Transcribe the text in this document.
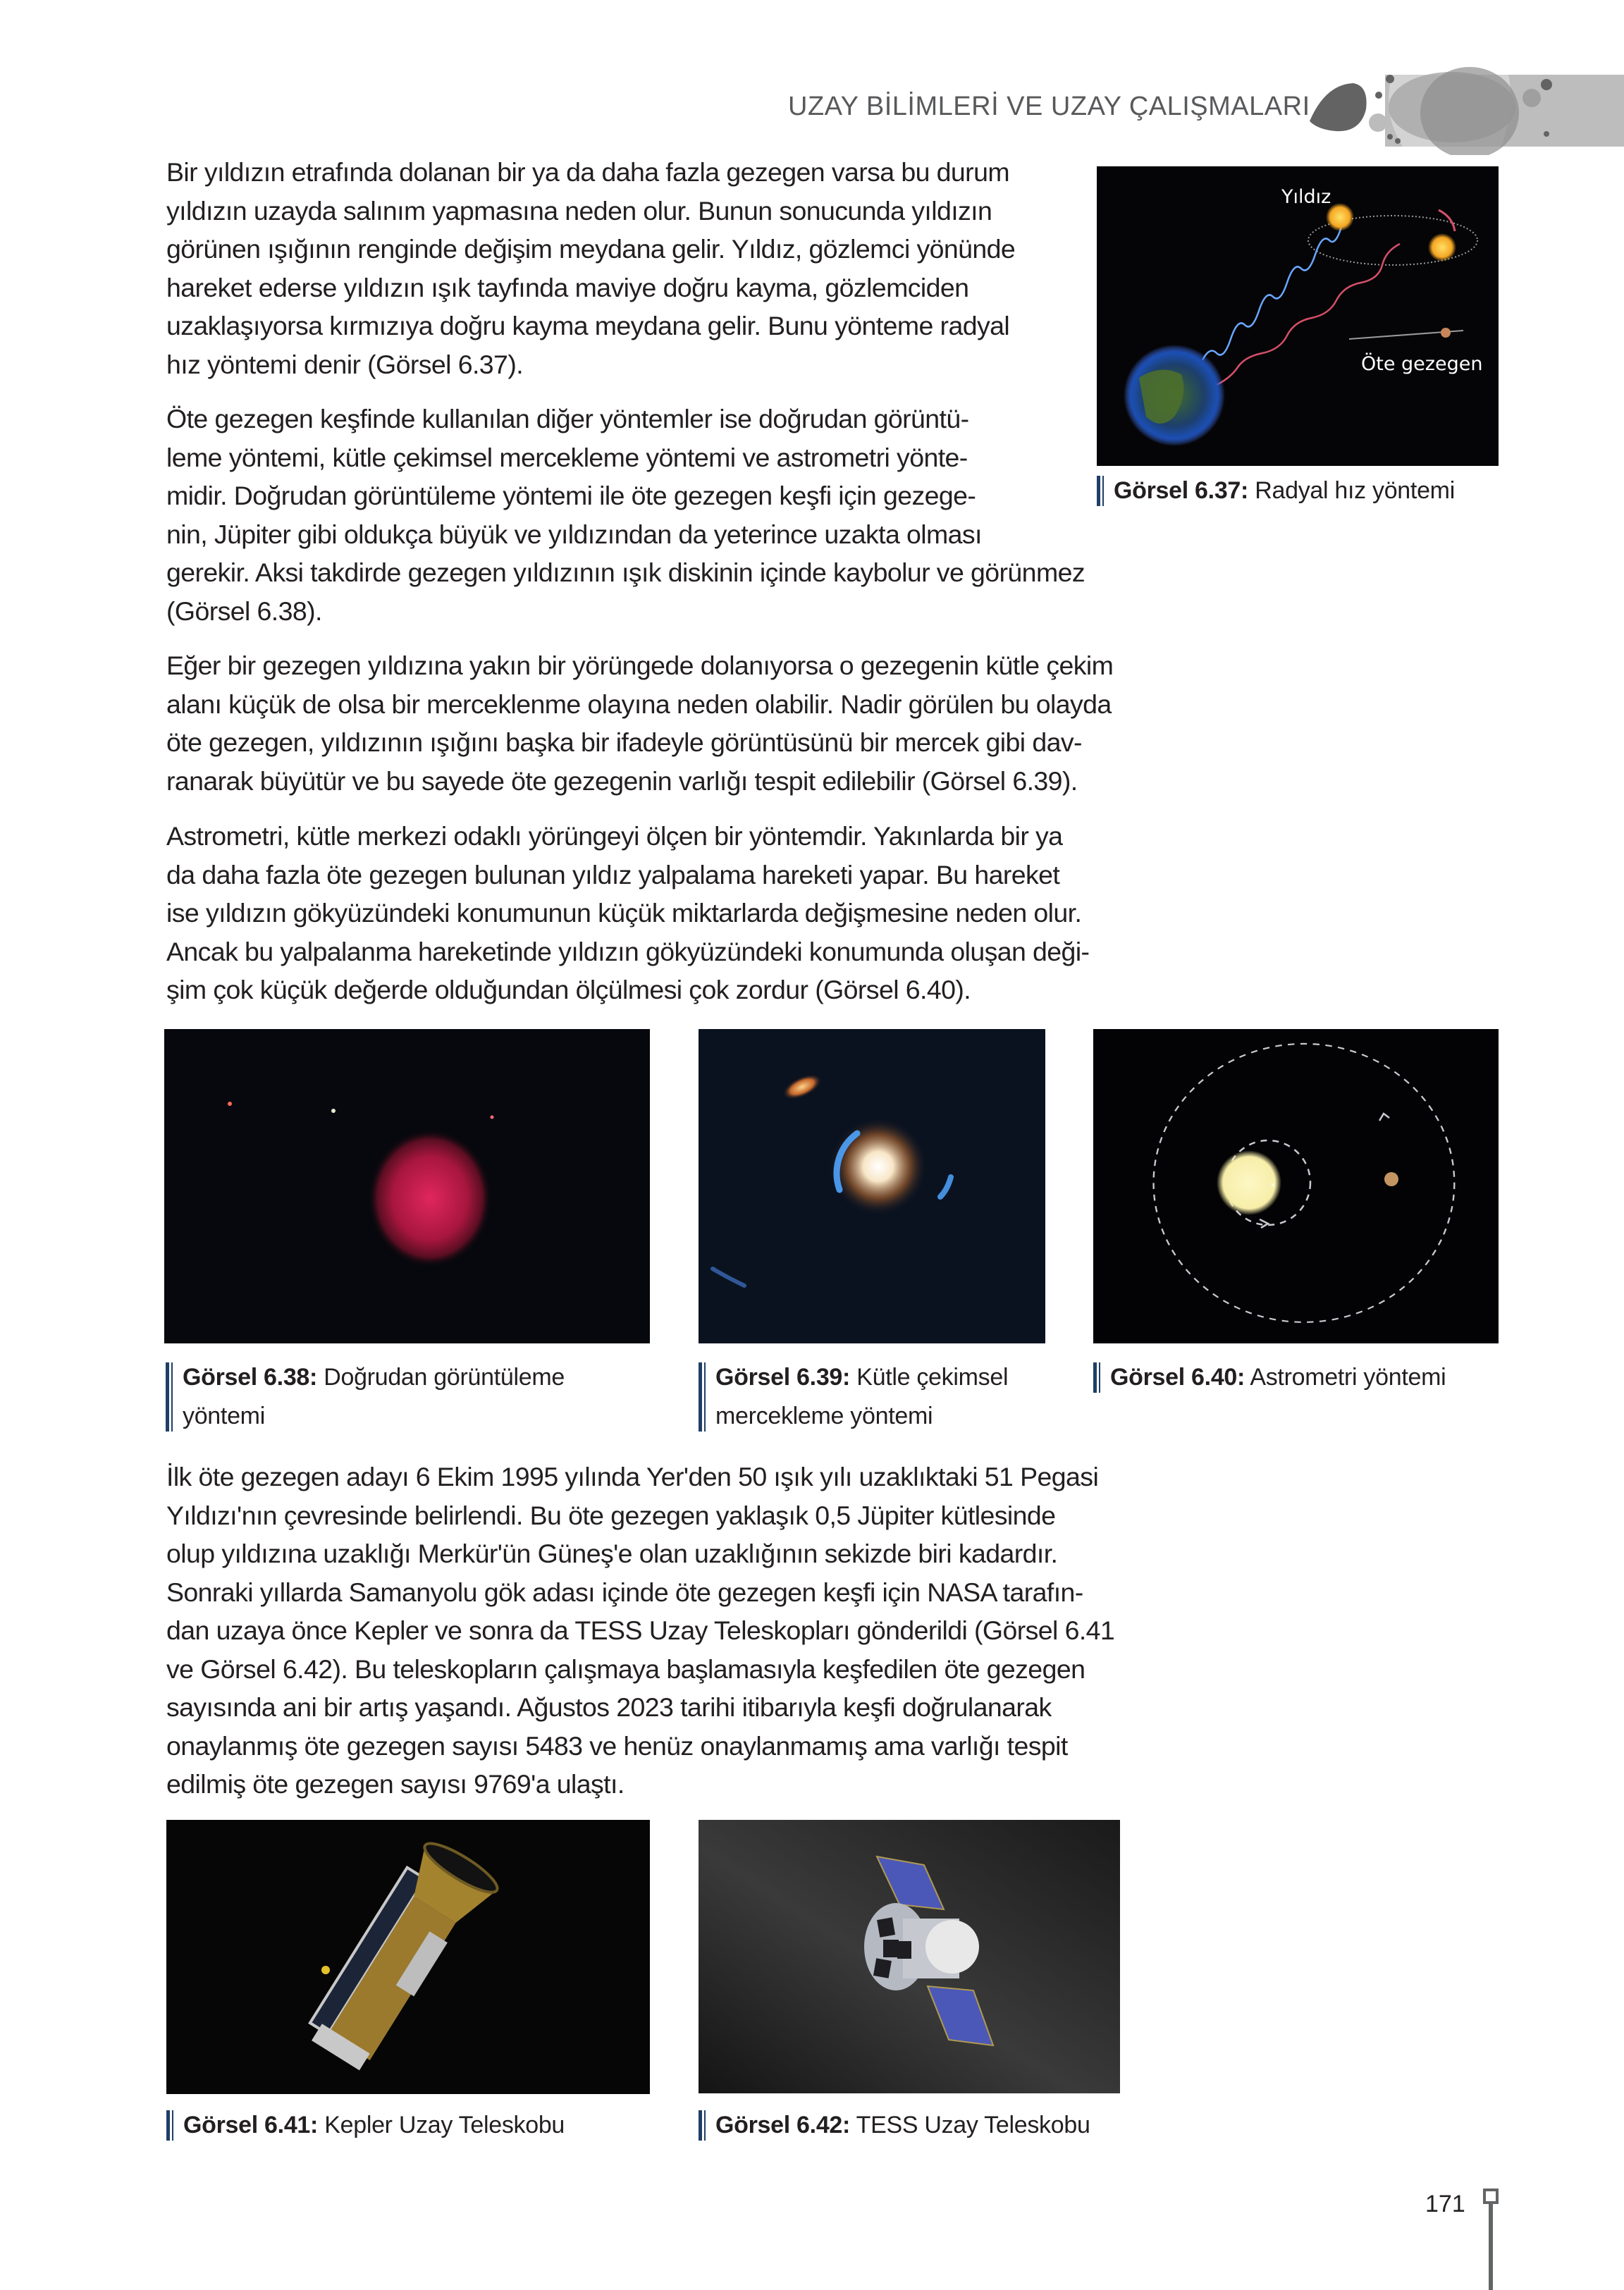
UZAY BİLİMLERİ VE UZAY ÇALIŞMALARI
Bir yıldızın etrafında dolanan bir ya da daha fazla gezegen varsa bu durum
yıldızın uzayda salınım yapmasına neden olur. Bunun sonucunda yıldızın
görünen ışığının renginde değişim meydana gelir. Yıldız, gözlemci yönünde
hareket ederse yıldızın ışık tayfında maviye doğru kayma, gözlemciden
uzaklaşıyorsa kırmızıya doğru kayma meydana gelir. Bunu yönteme radyal
hız yöntemi denir (Görsel 6.37).
Yıldız
Öte gezegen
Görsel 6.37: Radyal hız yöntemi
Öte gezegen keşfinde kullanılan diğer yöntemler ise doğrudan görüntü-
leme yöntemi, kütle çekimsel mercekleme yöntemi ve astrometri yönte-
midir. Doğrudan görüntüleme yöntemi ile öte gezegen keşfi için gezege-
nin, Jüpiter gibi oldukça büyük ve yıldızından da yeterince uzakta olması
gerekir. Aksi takdirde gezegen yıldızının ışık diskinin içinde kaybolur ve görünmez
(Görsel 6.38).
Eğer bir gezegen yıldızına yakın bir yörüngede dolanıyorsa o gezegenin kütle çekim
alanı küçük de olsa bir merceklenme olayına neden olabilir. Nadir görülen bu olayda
öte gezegen, yıldızının ışığını başka bir ifadeyle görüntüsünü bir mercek gibi dav-
ranarak büyütür ve bu sayede öte gezegenin varlığı tespit edilebilir (Görsel 6.39).
Astrometri, kütle merkezi odaklı yörüngeyi ölçen bir yöntemdir. Yakınlarda bir ya
da daha fazla öte gezegen bulunan yıldız yalpalama hareketi yapar. Bu hareket
ise yıldızın gökyüzündeki konumunun küçük miktarlarda değişmesine neden olur.
Ancak bu yalpalanma hareketinde yıldızın gökyüzündeki konumunda oluşan deği-
şim çok küçük değerde olduğundan ölçülmesi çok zordur (Görsel 6.40).
Görsel 6.38: Doğrudan görüntüleme
yöntemi
Görsel 6.39: Kütle çekimsel
mercekleme yöntemi
x
Görsel 6.40: Astrometri yöntemi
İlk öte gezegen adayı 6 Ekim 1995 yılında Yer'den 50 ışık yılı uzaklıktaki 51 Pegasi
Yıldızı'nın çevresinde belirlendi. Bu öte gezegen yaklaşık 0,5 Jüpiter kütlesinde
olup yıldızına uzaklığı Merkür'ün Güneş'e olan uzaklığının sekizde biri kadardır.
Sonraki yıllarda Samanyolu gök adası içinde öte gezegen keşfi için NASA tarafın-
dan uzaya önce Kepler ve sonra da TESS Uzay Teleskopları gönderildi (Görsel 6.41
ve Görsel 6.42). Bu teleskopların çalışmaya başlamasıyla keşfedilen öte gezegen
sayısında ani bir artış yaşandı. Ağustos 2023 tarihi itibarıyla keşfi doğrulanarak
onaylanmış öte gezegen sayısı 5483 ve henüz onaylanmamış ama varlığı tespit
edilmiş öte gezegen sayısı 9769'a ulaştı.
Görsel 6.41: Kepler Uzay Teleskobu	Görsel 6.42: TESS Uzay Teleskobu
171
